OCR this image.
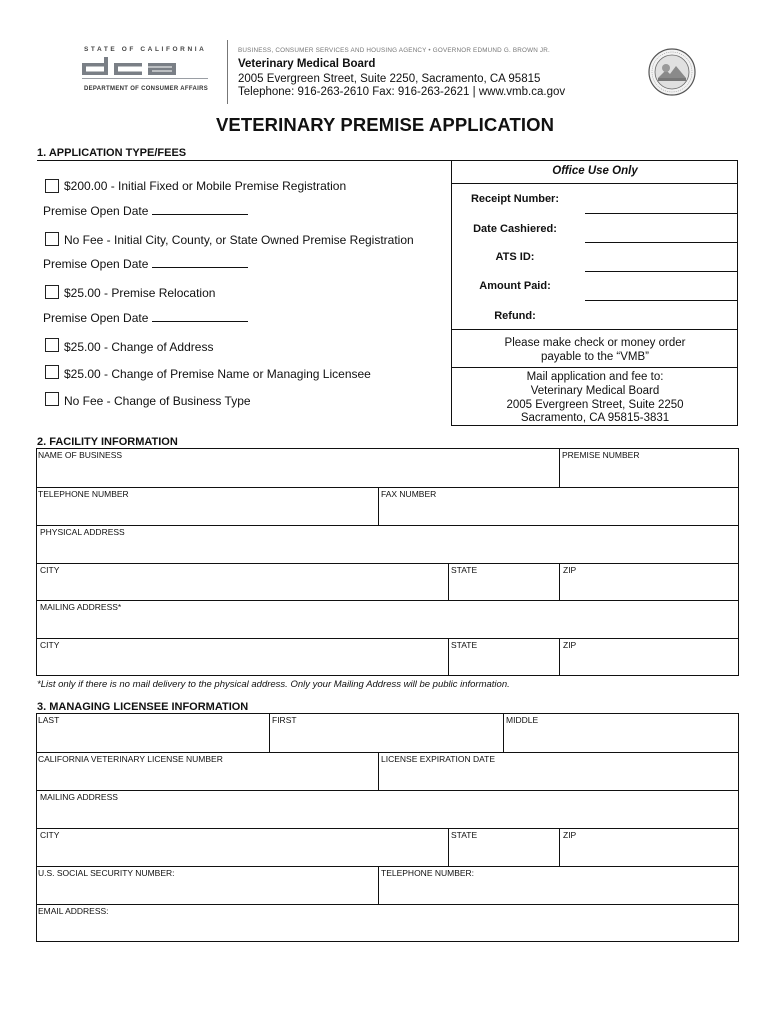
STATE OF CALIFORNIA
DEPARTMENT OF CONSUMER AFFAIRS
BUSINESS, CONSUMER SERVICES AND HOUSING AGENCY • GOVERNOR EDMUND G. BROWN JR.
Veterinary Medical Board
2005 Evergreen Street, Suite 2250, Sacramento, CA 95815
Telephone: 916-263-2610 Fax: 916-263-2621 | www.vmb.ca.gov
VETERINARY PREMISE APPLICATION
1. APPLICATION TYPE/FEES
$200.00 - Initial Fixed or Mobile Premise Registration
Premise Open Date
No Fee - Initial City, County, or State Owned Premise Registration
Premise Open Date
$25.00 - Premise Relocation
Premise Open Date
$25.00 - Change of Address
$25.00 - Change of Premise Name or Managing Licensee
No Fee - Change of Business Type
Office Use Only
Receipt Number:
Date Cashiered:
ATS ID:
Amount Paid:
Refund:
Please make check or money order
payable to the “VMB”
Mail application and fee to:
Veterinary Medical Board
2005 Evergreen Street, Suite 2250
Sacramento, CA 95815-3831
2. FACILITY INFORMATION
NAME OF BUSINESS	PREMISE NUMBER
TELEPHONE NUMBER	FAX NUMBER
PHYSICAL ADDRESS
CITY	STATE	ZIP
MAILING ADDRESS*
CITY	STATE	ZIP
*List only if there is no mail delivery to the physical address. Only your Mailing Address will be public information.
3. MANAGING LICENSEE INFORMATION
LAST	FIRST	MIDDLE
CALIFORNIA VETERINARY LICENSE NUMBER	LICENSE EXPIRATION DATE
MAILING ADDRESS
CITY	STATE	ZIP
U.S. SOCIAL SECURITY NUMBER:	TELEPHONE NUMBER:
EMAIL ADDRESS:
